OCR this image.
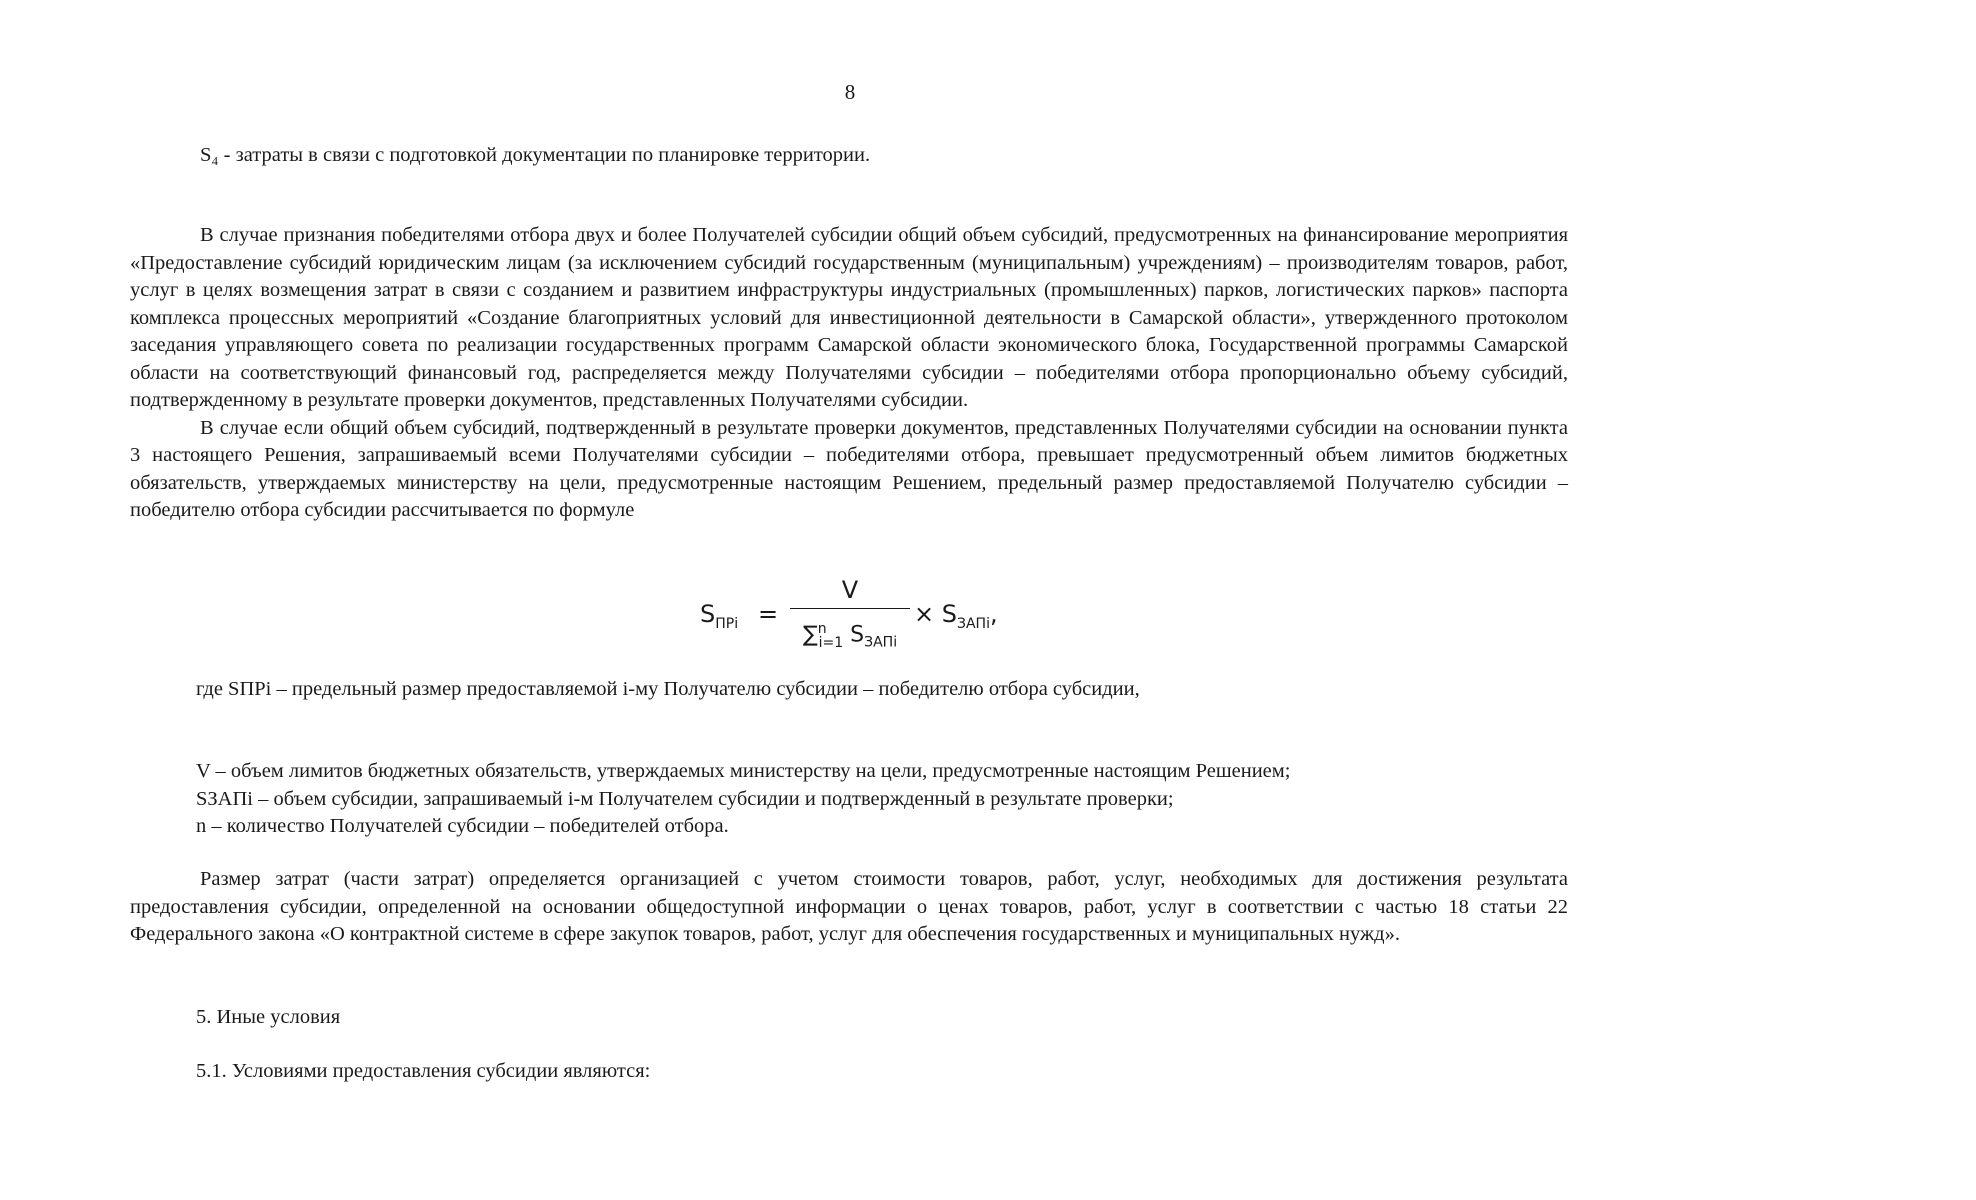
8
S₄ - затраты в связи с подготовкой документации по планировке территории.

В случае признания победителями отбора двух и более Получателей субсидии общий объем субсидий, предусмотренных на финансирование мероприятия «Предоставление субсидий юридическим лицам (за исключением субсидий государственным (муниципальным) учреждениям) – производителям товаров, работ, услуг в целях возмещения затрат в связи с созданием и развитием инфраструктуры индустриальных (промышленных) парков, логистических парков» паспорта комплекса процессных мероприятий «Создание благоприятных условий для инвестиционной деятельности в Самарской области», утвержденного протоколом заседания управляющего совета по реализации государственных программ Самарской области экономического блока, Государственной программы Самарской области на соответствующий финансовый год, распределяется между Получателями субсидии – победителями отбора пропорционально объему субсидий, подтвержденному в результате проверки документов, представленных Получателями субсидии.

В случае если общий объем субсидий, подтвержденный в результате проверки документов, представленных Получателями субсидии на основании пункта 3 настоящего Решения, запрашиваемый всеми Получателями субсидии – победителями отбора, превышает предусмотренный объем лимитов бюджетных обязательств, утверждаемых министерству на цели, предусмотренные настоящим Решением, предельный размер предоставляемой Получателю субсидии – победителю отбора субсидии рассчитывается по формуле

$S_{ПРi}$ =
V
∑$^n_{i=1}$ $S_{ЗАПi}$
× $S_{ЗАПi}$,
где SПРi – предельный размер предоставляемой i-му Получателю субсидии – победителю отбора субсидии,

V – объем лимитов бюджетных обязательств, утверждаемых министерству на цели, предусмотренные настоящим Решением;

SЗАПi – объем субсидии, запрашиваемый i-м Получателем субсидии и подтвержденный в результате проверки;

n – количество Получателей субсидии – победителей отбора.

Размер затрат (части затрат) определяется организацией с учетом стоимости товаров, работ, услуг, необходимых для достижения результата предоставления субсидии, определенной на основании общедоступной информации о ценах товаров, работ, услуг в соответствии с частью 18 статьи 22 Федерального закона «О контрактной системе в сфере закупок товаров, работ, услуг для обеспечения государственных и муниципальных нужд».

5. Иные условия
5.1. Условиями предоставления субсидии являются:
